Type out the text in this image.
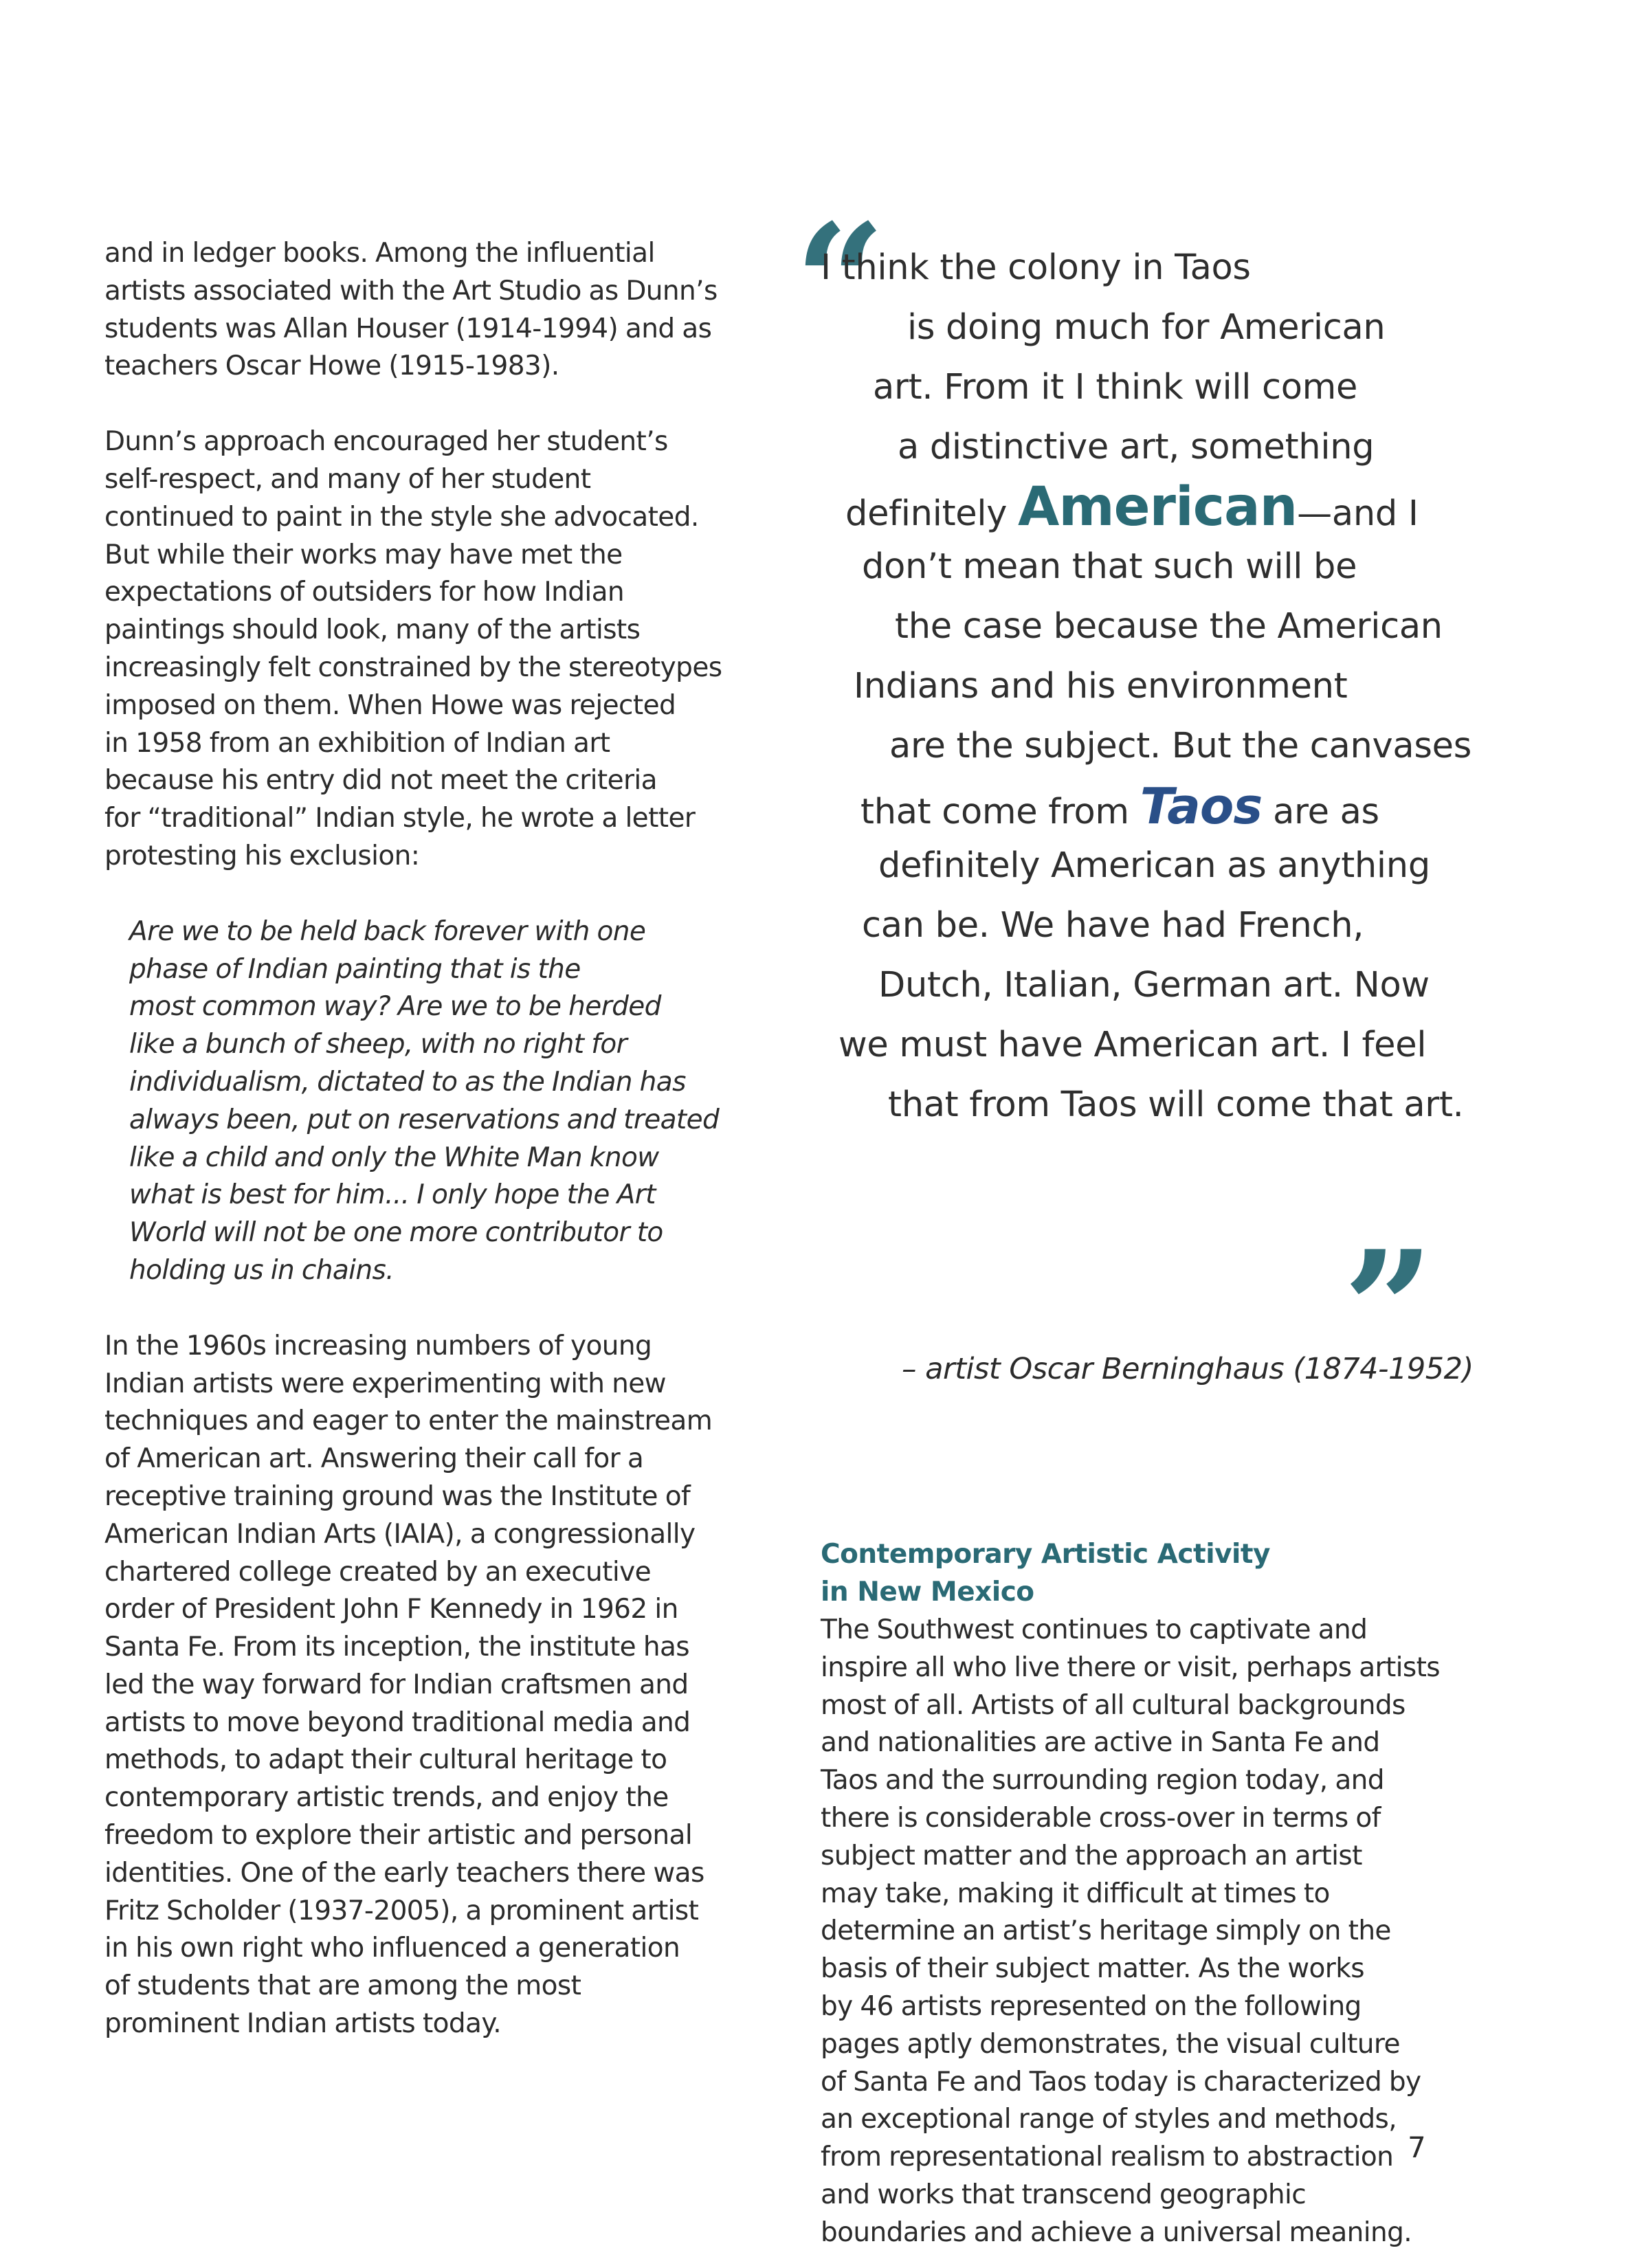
and in ledger books. Among the influential
artists associated with the Art Studio as Dunn’s
students was Allan Houser (1914-1994) and as
teachers Oscar Howe (1915-1983).

Dunn’s approach encouraged her student’s
self-respect, and many of her student
continued to paint in the style she advocated.
But while their works may have met the
expectations of outsiders for how Indian
paintings should look, many of the artists
increasingly felt constrained by the stereotypes
imposed on them. When Howe was rejected
in 1958 from an exhibition of Indian art
because his entry did not meet the criteria
for “traditional” Indian style, he wrote a letter
protesting his exclusion:

Are we to be held back forever with one
phase of Indian painting that is the
most common way? Are we to be herded
like a bunch of sheep, with no right for
individualism, dictated to as the Indian has
always been, put on reservations and treated
like a child and only the White Man know
what is best for him... I only hope the Art
World will not be one more contributor to
holding us in chains.

In the 1960s increasing numbers of young
Indian artists were experimenting with new
techniques and eager to enter the mainstream
of American art. Answering their call for a
receptive training ground was the Institute of
American Indian Arts (IAIA), a congressionally
chartered college created by an executive
order of President John F Kennedy in 1962 in
Santa Fe. From its inception, the institute has
led the way forward for Indian craftsmen and
artists to move beyond traditional media and
methods, to adapt their cultural heritage to
contemporary artistic trends, and enjoy the
freedom to explore their artistic and personal
identities. One of the early teachers there was
Fritz Scholder (1937-2005), a prominent artist
in his own right who influenced a generation
of students that are among the most
prominent Indian artists today.

“
I think the colony in Taos
is doing much for American
art. From it I think will come
a distinctive art, something
definitely American—and I
don’t mean that such will be
the case because the American
Indians and his environment
are the subject. But the canvases
that come from Taos are as
definitely American as anything
can be. We have had French,
Dutch, Italian, German art. Now
we must have American art. I feel
that from Taos will come that art.
”
– artist Oscar Berninghaus (1874-1952)
Contemporary Artistic Activity
in New Mexico

The Southwest continues to captivate and
inspire all who live there or visit, perhaps artists
most of all. Artists of all cultural backgrounds
and nationalities are active in Santa Fe and
Taos and the surrounding region today, and
there is considerable cross-over in terms of
subject matter and the approach an artist
may take, making it difficult at times to
determine an artist’s heritage simply on the
basis of their subject matter. As the works
by 46 artists represented on the following
pages aptly demonstrates, the visual culture
of Santa Fe and Taos today is characterized by
an exceptional range of styles and methods,
from representational realism to abstraction
and works that transcend geographic
boundaries and achieve a universal meaning.

7
